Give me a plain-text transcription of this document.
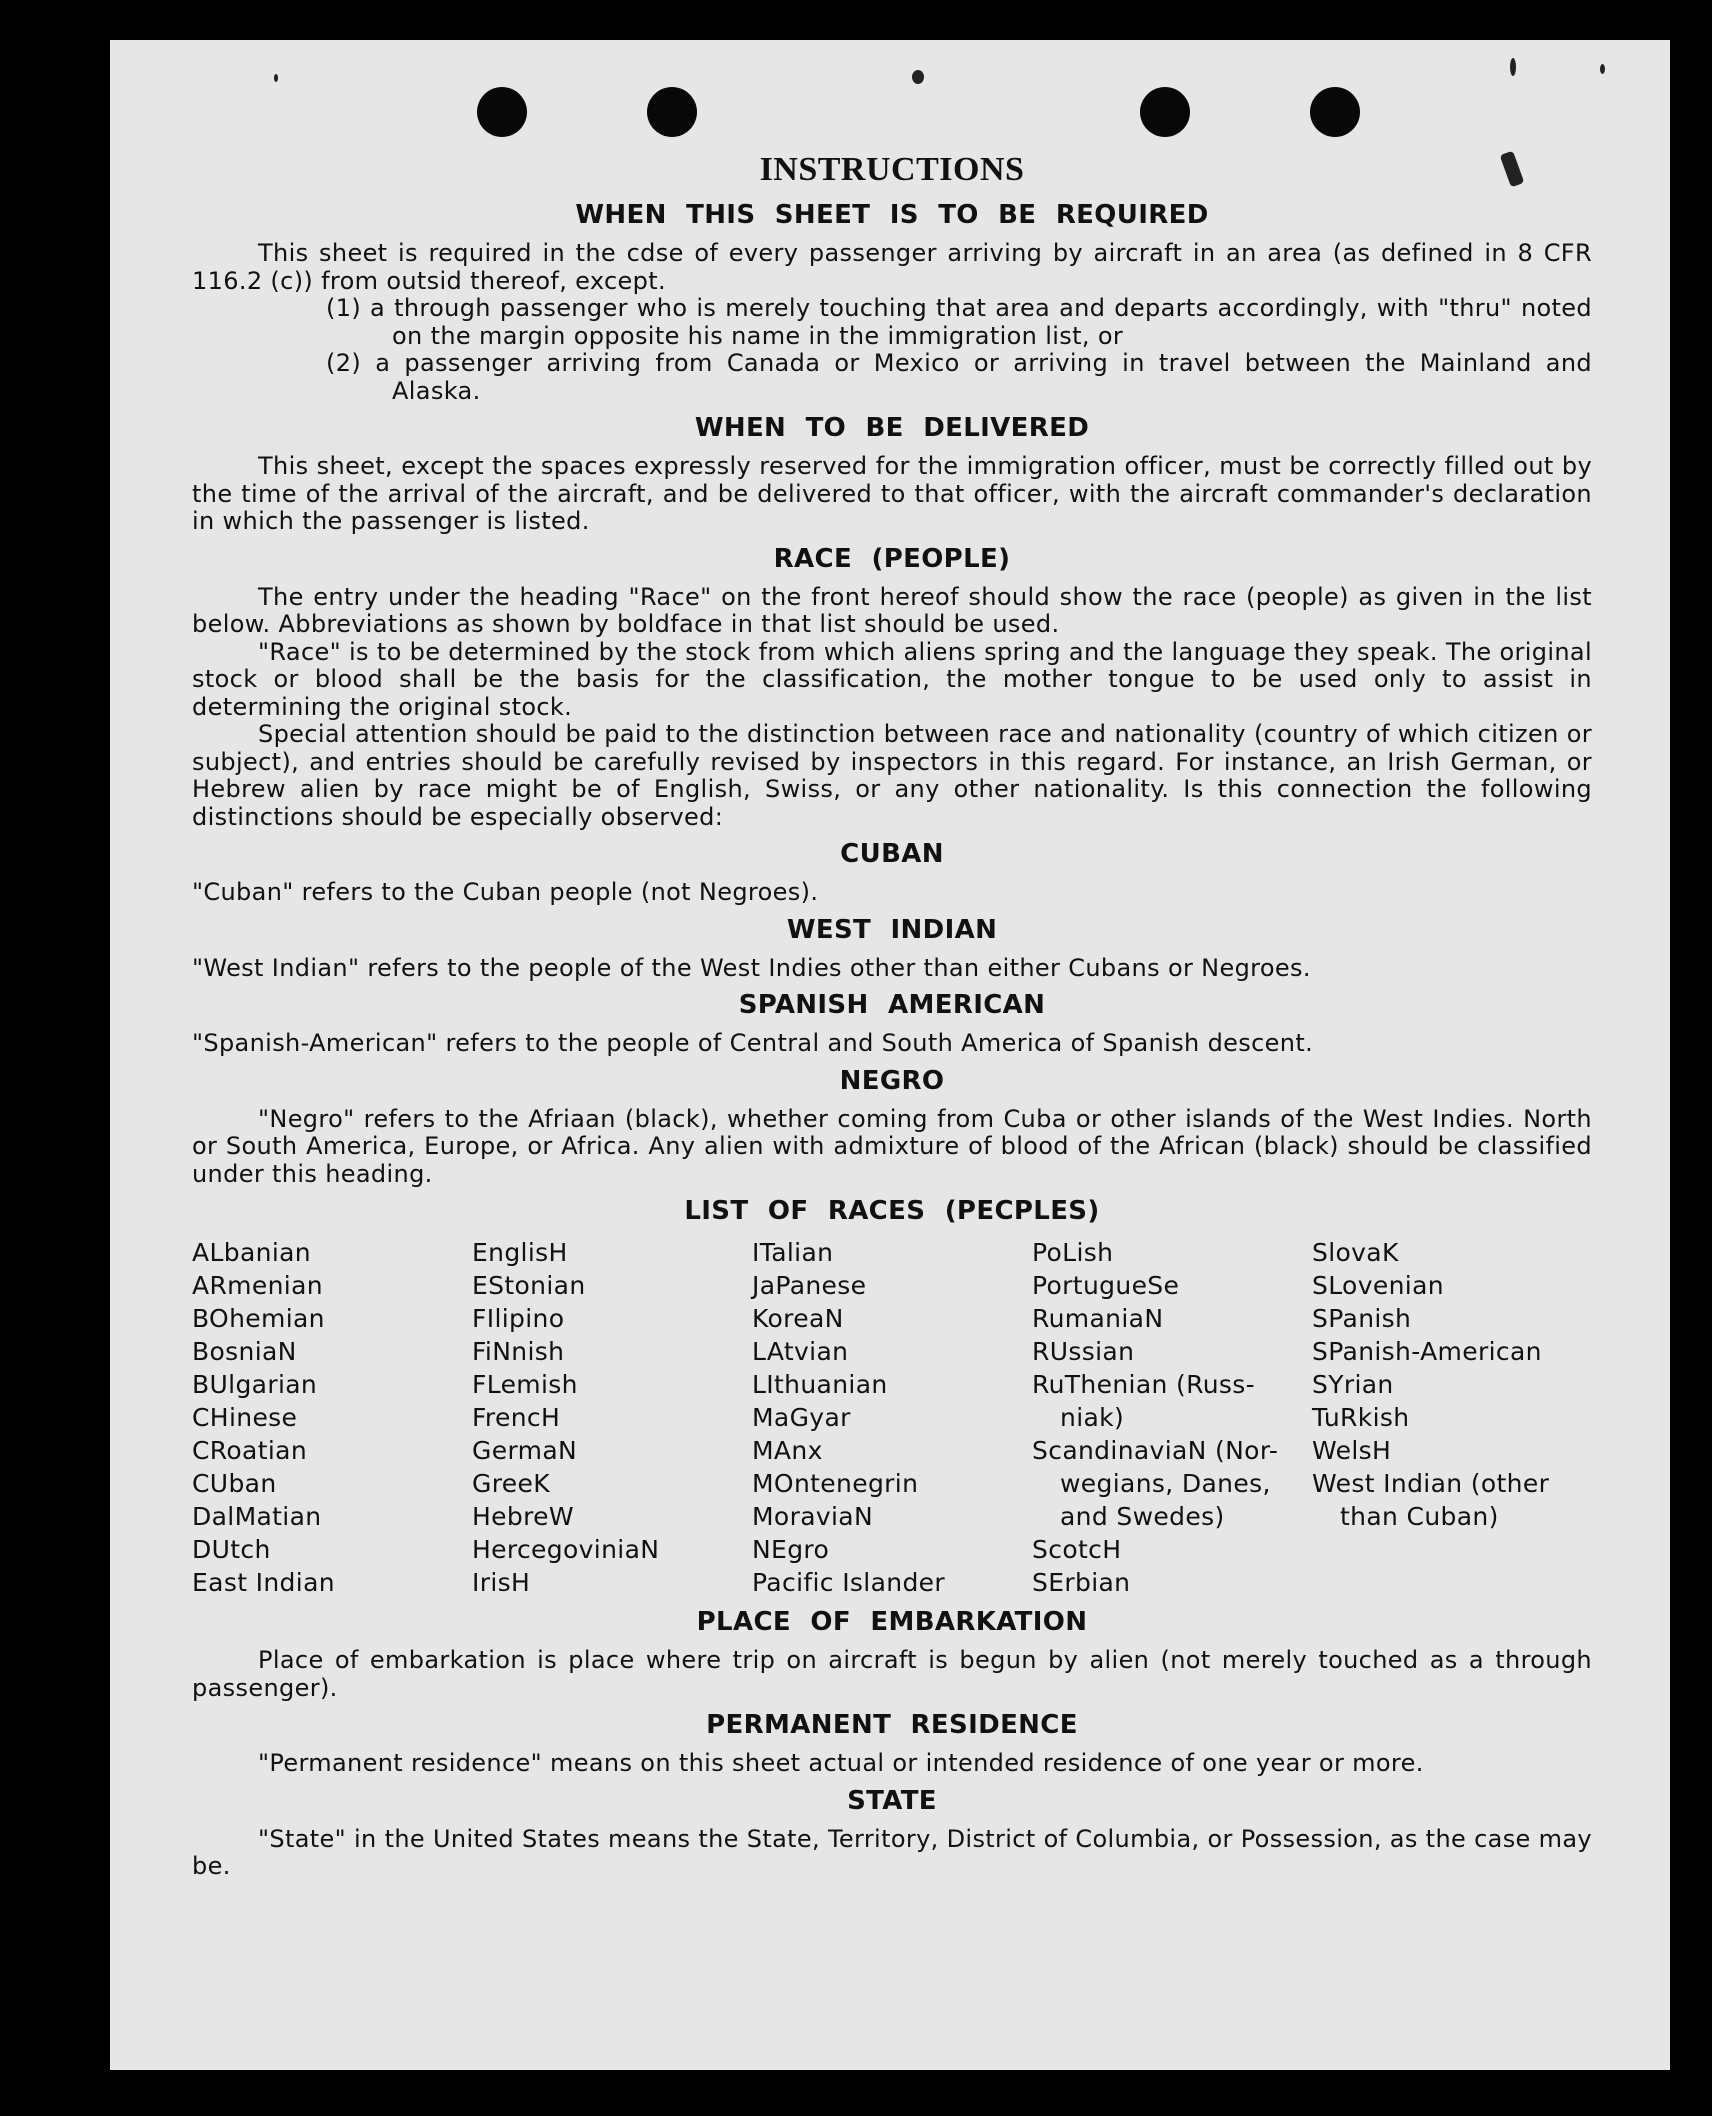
INSTRUCTIONS
WHEN THIS SHEET IS TO BE REQUIRED

This sheet is required in the cdse of every passenger arriving by aircraft in an area (as defined in 8 CFR 116.2 (c)) from outsid thereof, except.

(1) a through passenger who is merely touching that area and departs accordingly, with "thru" noted on the margin opposite his name in the immigration list, or

(2) a passenger arriving from Canada or Mexico or arriving in travel between the Mainland and Alaska.

WHEN TO BE DELIVERED

This sheet, except the spaces expressly reserved for the immigration officer, must be correctly filled out by the time of the arrival of the aircraft, and be delivered to that officer, with the aircraft commander's declaration in which the passenger is listed.

RACE (PEOPLE)

The entry under the heading "Race" on the front hereof should show the race (people) as given in the list below. Abbreviations as shown by boldface in that list should be used.

"Race" is to be determined by the stock from which aliens spring and the language they speak. The original stock or blood shall be the basis for the classification, the mother tongue to be used only to assist in determining the original stock.

Special attention should be paid to the distinction between race and nationality (country of which citizen or subject), and entries should be carefully revised by inspectors in this regard. For instance, an Irish German, or Hebrew alien by race might be of English, Swiss, or any other nationality. Is this connection the following distinctions should be especially observed:

CUBAN

"Cuban" refers to the Cuban people (not Negroes).

WEST INDIAN

"West Indian" refers to the people of the West Indies other than either Cubans or Negroes.

SPANISH AMERICAN

"Spanish-American" refers to the people of Central and South America of Spanish descent.

NEGRO

"Negro" refers to the Afriaan (black), whether coming from Cuba or other islands of the West Indies. North or South America, Europe, or Africa. Any alien with admixture of blood of the African (black) should be classified under this heading.

LIST OF RACES (PECPLES)
ALbanian
ARmenian
BOhemian
BosniaN
BUlgarian
CHinese
CRoatian
CUban
DalMatian
DUtch
East Indian
EnglisH
EStonian
FIlipino
FiNnish
FLemish
FrencH
GermaN
GreeK
HebreW
HercegoviniaN
IrisH
ITalian
JaPanese
KoreaN
LAtvian
LIthuanian
MaGyar
MAnx
MOntenegrin
MoraviaN
NEgro
Pacific Islander
PoLish
PortugueSe
RumaniaN
RUssian
RuThenian (Russ-
niak)
ScandinaviaN (Nor-
wegians, Danes,
and Swedes)
ScotcH
SErbian
SlovaK
SLovenian
SPanish
SPanish-American
SYrian
TuRkish
WelsH
West Indian (other
than Cuban)
PLACE OF EMBARKATION

Place of embarkation is place where trip on aircraft is begun by alien (not merely touched as a through passenger).

PERMANENT RESIDENCE

"Permanent residence" means on this sheet actual or intended residence of one year or more.

STATE

"State" in the United States means the State, Territory, District of Columbia, or Possession, as the case may be.
